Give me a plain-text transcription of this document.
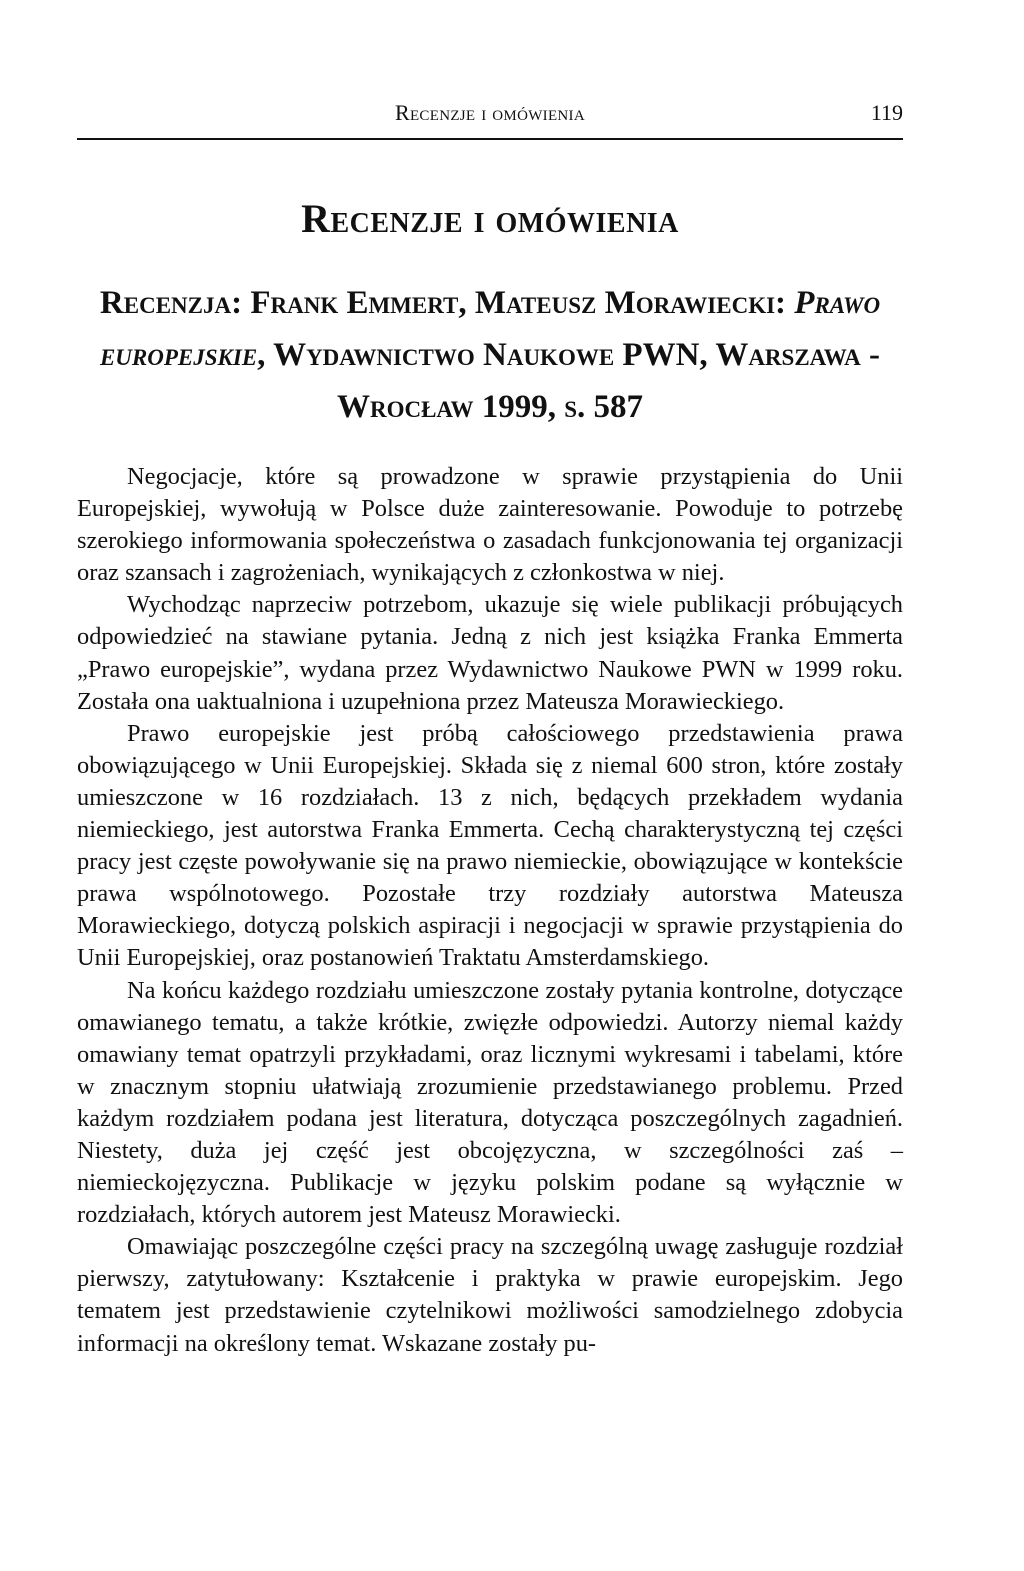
Recenzje i omówienia	119
Recenzje i omówienia
Recenzja: Frank Emmert, Mateusz Morawiecki: Prawo europejskie, Wydawnictwo Naukowe PWN, Warszawa - Wrocław 1999, s. 587

Negocjacje, które są prowadzone w sprawie przystąpienia do Unii Europejskiej, wywołują w Polsce duże zainteresowanie. Powoduje to potrzebę szerokiego informowania społeczeństwa o zasadach funkcjonowania tej organizacji oraz szansach i zagrożeniach, wynikających z członkostwa w niej.

Wychodząc naprzeciw potrzebom, ukazuje się wiele publikacji próbujących odpowiedzieć na stawiane pytania. Jedną z nich jest książka Franka Emmerta „Prawo europejskie”, wydana przez Wydawnictwo Naukowe PWN w 1999 roku. Została ona uaktualniona i uzupełniona przez Mateusza Morawieckiego.

Prawo europejskie jest próbą całościowego przedstawienia prawa obowiązującego w Unii Europejskiej. Składa się z niemal 600 stron, które zostały umieszczone w 16 rozdziałach. 13 z nich, będących przekładem wydania niemieckiego, jest autorstwa Franka Emmerta. Cechą charakterystyczną tej części pracy jest częste powoływanie się na prawo niemieckie, obowiązujące w kontekście prawa wspólnotowego. Pozostałe trzy rozdziały autorstwa Mateusza Morawieckiego, dotyczą polskich aspiracji i negocjacji w sprawie przystąpienia do Unii Europejskiej, oraz postanowień Traktatu Amsterdamskiego.

Na końcu każdego rozdziału umieszczone zostały pytania kontrolne, dotyczące omawianego tematu, a także krótkie, zwięzłe odpowiedzi. Autorzy niemal każdy omawiany temat opatrzyli przykładami, oraz licznymi wykresami i tabelami, które w znacznym stopniu ułatwiają zrozumienie przedstawianego problemu. Przed każdym rozdziałem podana jest literatura, dotycząca poszczególnych zagadnień. Niestety, duża jej część jest obcojęzyczna, w szczególności zaś – niemieckojęzyczna. Publikacje w języku polskim podane są wyłącznie w rozdziałach, których autorem jest Mateusz Morawiecki.

Omawiając poszczególne części pracy na szczególną uwagę zasługuje rozdział pierwszy, zatytułowany: Kształcenie i praktyka w prawie europejskim. Jego tematem jest przedstawienie czytelnikowi możliwości samodzielnego zdobycia informacji na określony temat. Wskazane zostały pu-
